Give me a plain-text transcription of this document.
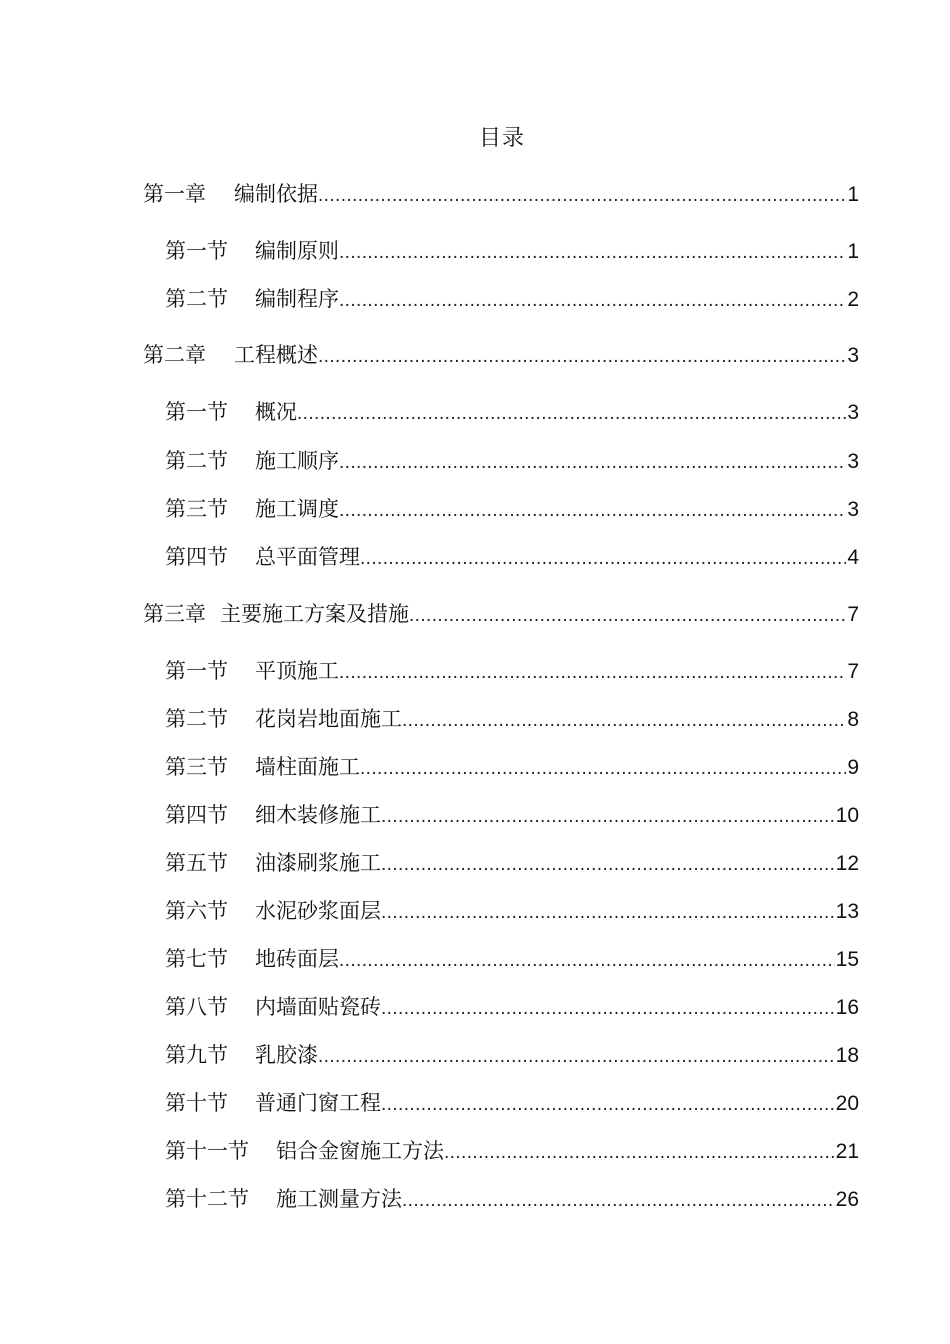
目录
第一章 编制依据 .....	1
第一节 编制原则 .....	1
第二节 编制程序 .....	2
第二章 工程概述 .....	3
第一节 概况 .....	3
第二节 施工顺序 .....	3
第三节 施工调度 .....	3
第四节 总平面管理 .....	4
第三章 主要施工方案及措施 .....	7
第一节 平顶施工 .....	7
第二节 花岗岩地面施工 .....	8
第三节 墙柱面施工 .....	9
第四节 细木装修施工 .....	10
第五节 油漆刷浆施工 .....	12
第六节 水泥砂浆面层 .....	13
第七节 地砖面层 .....	15
第八节 内墙面贴瓷砖 .....	16
第九节 乳胶漆 .....	18
第十节 普通门窗工程 .....	20
第十一节 铝合金窗施工方法 .....	21
第十二节 施工测量方法 .....	26
